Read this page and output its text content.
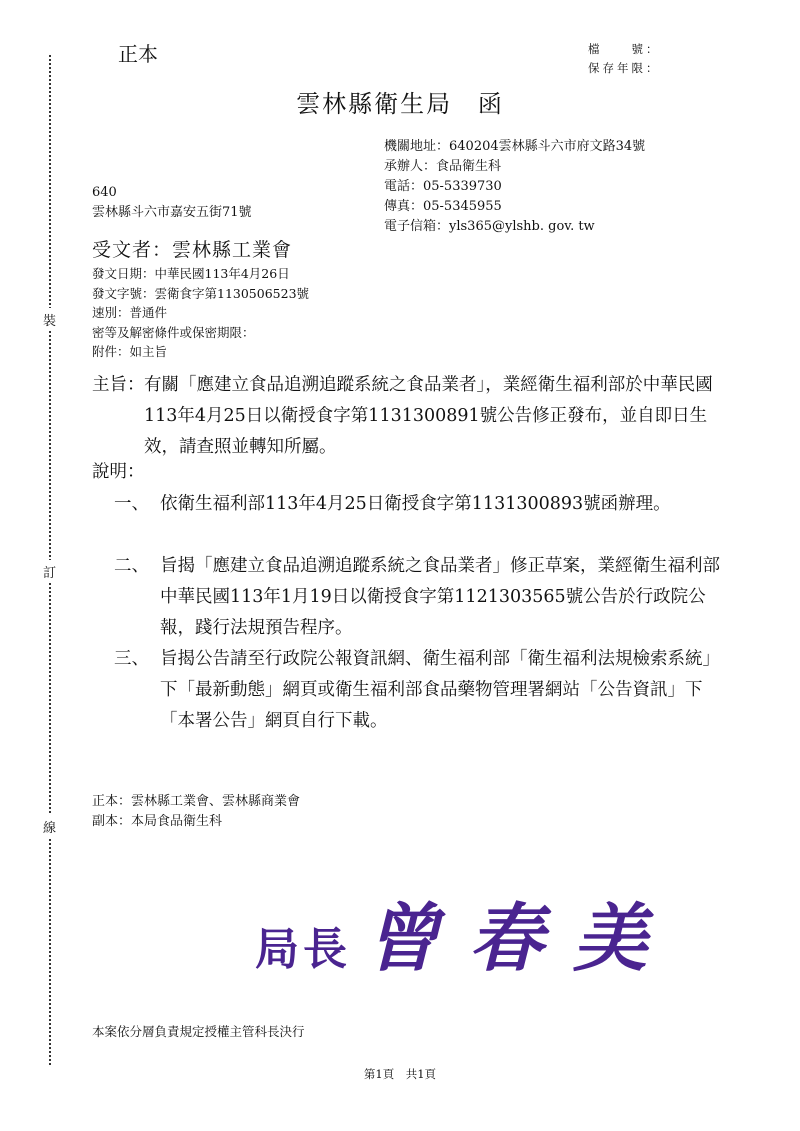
裝
訂
線
正本	檔　　號：
保存年限：
雲林縣衛生局 函
機關地址：640204雲林縣斗六市府文路34號
承辦人：食品衛生科
電話：05-5339730
傳真：05-5345955
電子信箱：yls365@ylshb. gov. tw
640
雲林縣斗六市嘉安五街71號
受文者：雲林縣工業會
發文日期：中華民國113年4月26日
發文字號：雲衛食字第1130506523號
速別：普通件
密等及解密條件或保密期限：
附件：如主旨
主旨： 有關「應建立食品追溯追蹤系統之食品業者」，業經衛生福利部於中華民國113年4月25日以衛授食字第1131300891號公告修正發布，並自即日生效，請查照並轉知所屬。
說明：
一、 依衛生福利部113年4月25日衛授食字第1131300893號函辦理。
二、 旨揭「應建立食品追溯追蹤系統之食品業者」修正草案，業經衛生福利部中華民國113年1月19日以衛授食字第1121303565號公告於行政院公報，踐行法規預告程序。
三、 旨揭公告請至行政院公報資訊網、衛生福利部「衛生福利法規檢索系統」下「最新動態」網頁或衛生福利部食品藥物管理署網站「公告資訊」下「本署公告」網頁自行下載。
正本：雲林縣工業會、雲林縣商業會
副本：本局食品衛生科
局長 曾春美
本案依分層負責規定授權主管科長決行
第1頁　共1頁
